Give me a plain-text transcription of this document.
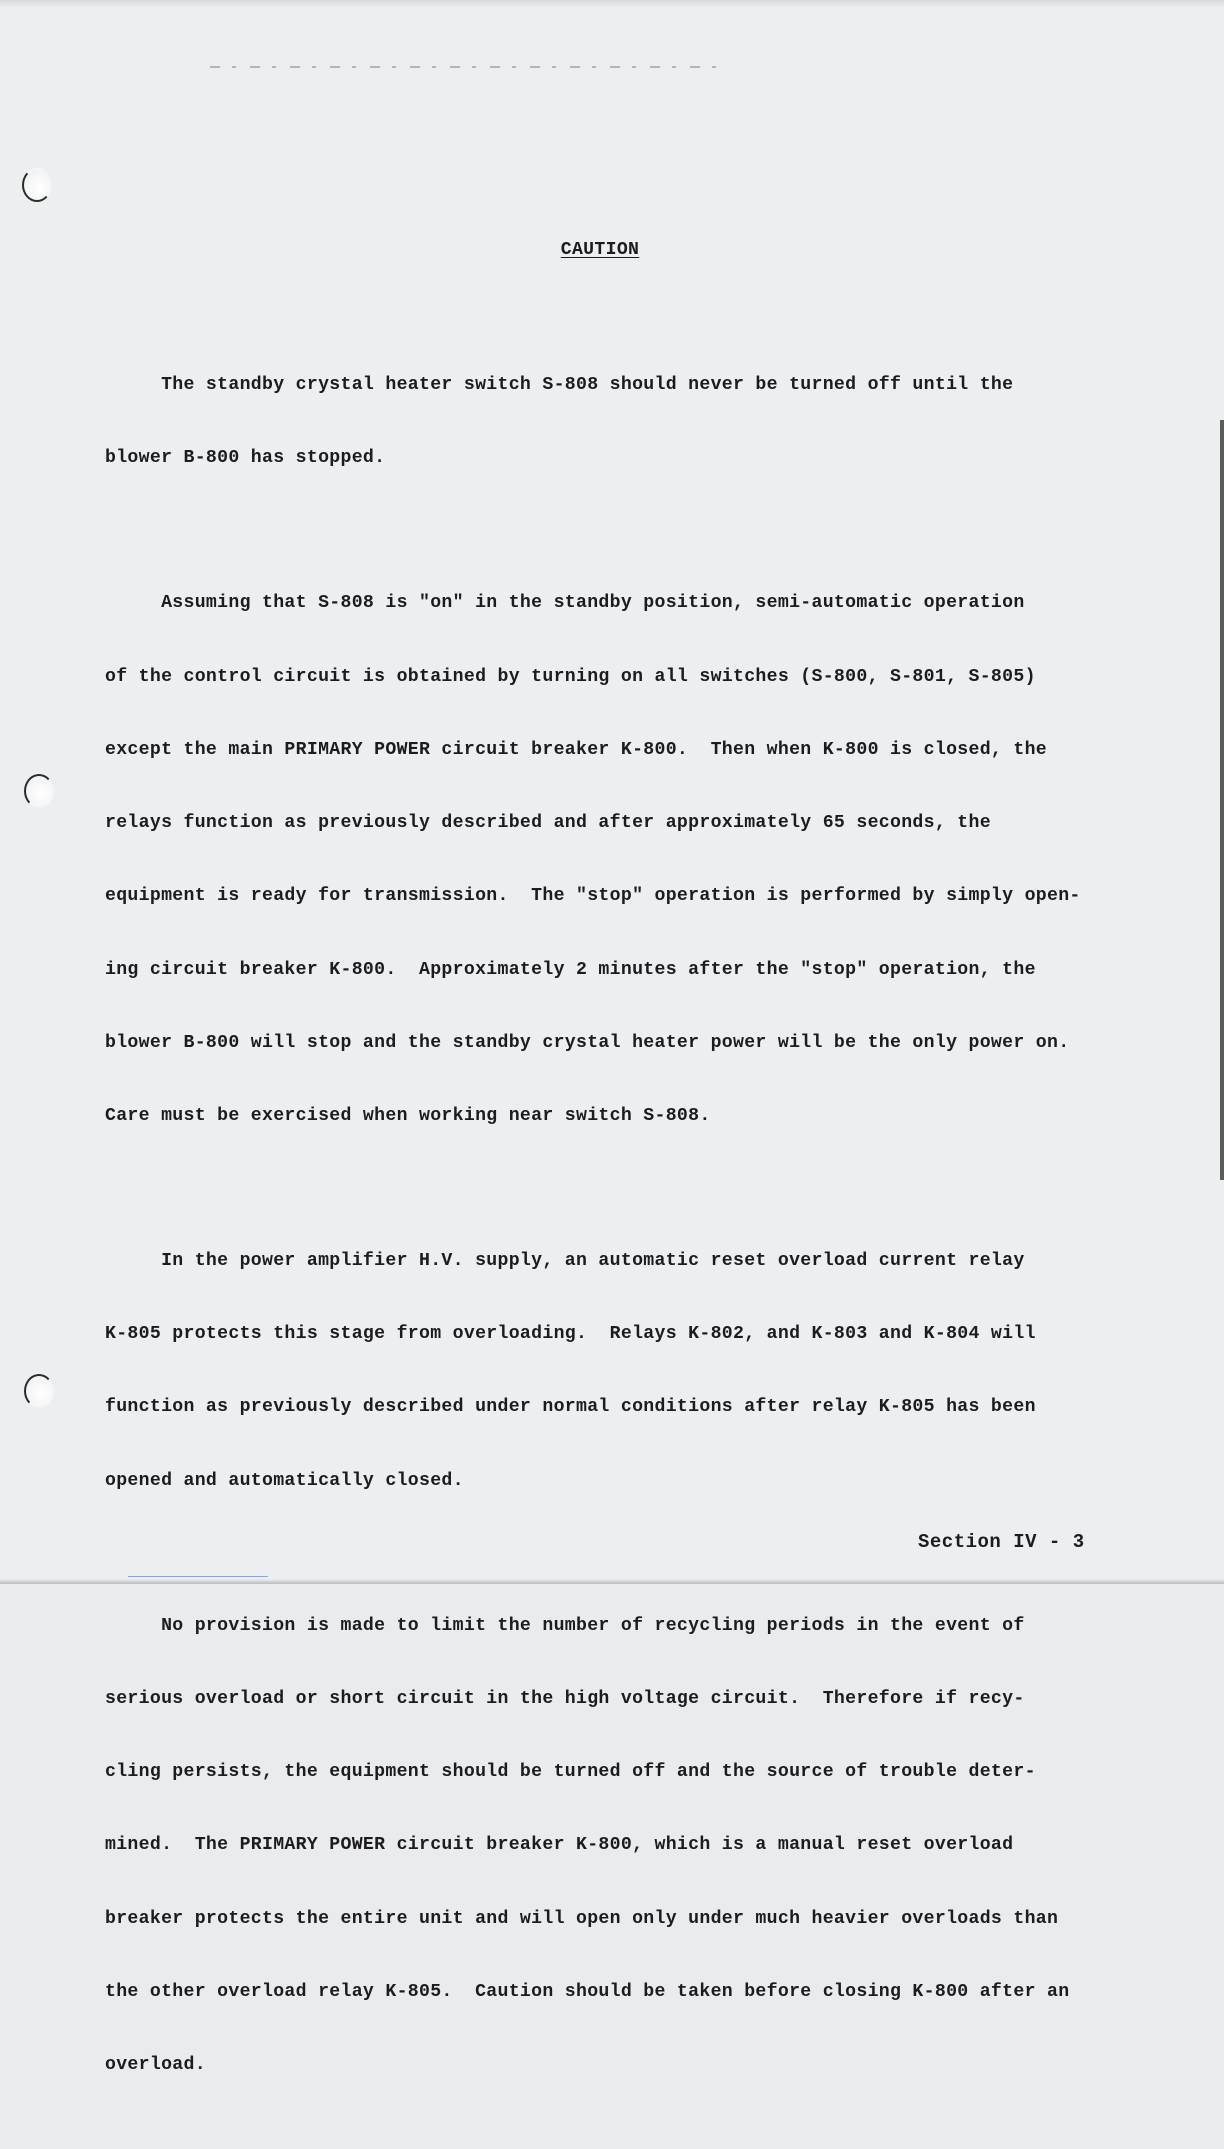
CAUTION

The standby crystal heater switch S-808 should never be turned off until the

blower B-800 has stopped.

Assuming that S-808 is "on" in the standby position, semi-automatic operation

of the control circuit is obtained by turning on all switches (S-800, S-801, S-805)

except the main PRIMARY POWER circuit breaker K-800.  Then when K-800 is closed, the

relays function as previously described and after approximately 65 seconds, the

equipment is ready for transmission.  The "stop" operation is performed by simply open-

ing circuit breaker K-800.  Approximately 2 minutes after the "stop" operation, the

blower B-800 will stop and the standby crystal heater power will be the only power on.

Care must be exercised when working near switch S-808.

In the power amplifier H.V. supply, an automatic reset overload current relay

K-805 protects this stage from overloading.  Relays K-802, and K-803 and K-804 will

function as previously described under normal conditions after relay K-805 has been

opened and automatically closed.

No provision is made to limit the number of recycling periods in the event of

serious overload or short circuit in the high voltage circuit.  Therefore if recy-

cling persists, the equipment should be turned off and the source of trouble deter-

mined.  The PRIMARY POWER circuit breaker K-800, which is a manual reset overload

breaker protects the entire unit and will open only under much heavier overloads than

the other overload relay K-805.  Caution should be taken before closing K-800 after an

overload.

Section IV - 3
